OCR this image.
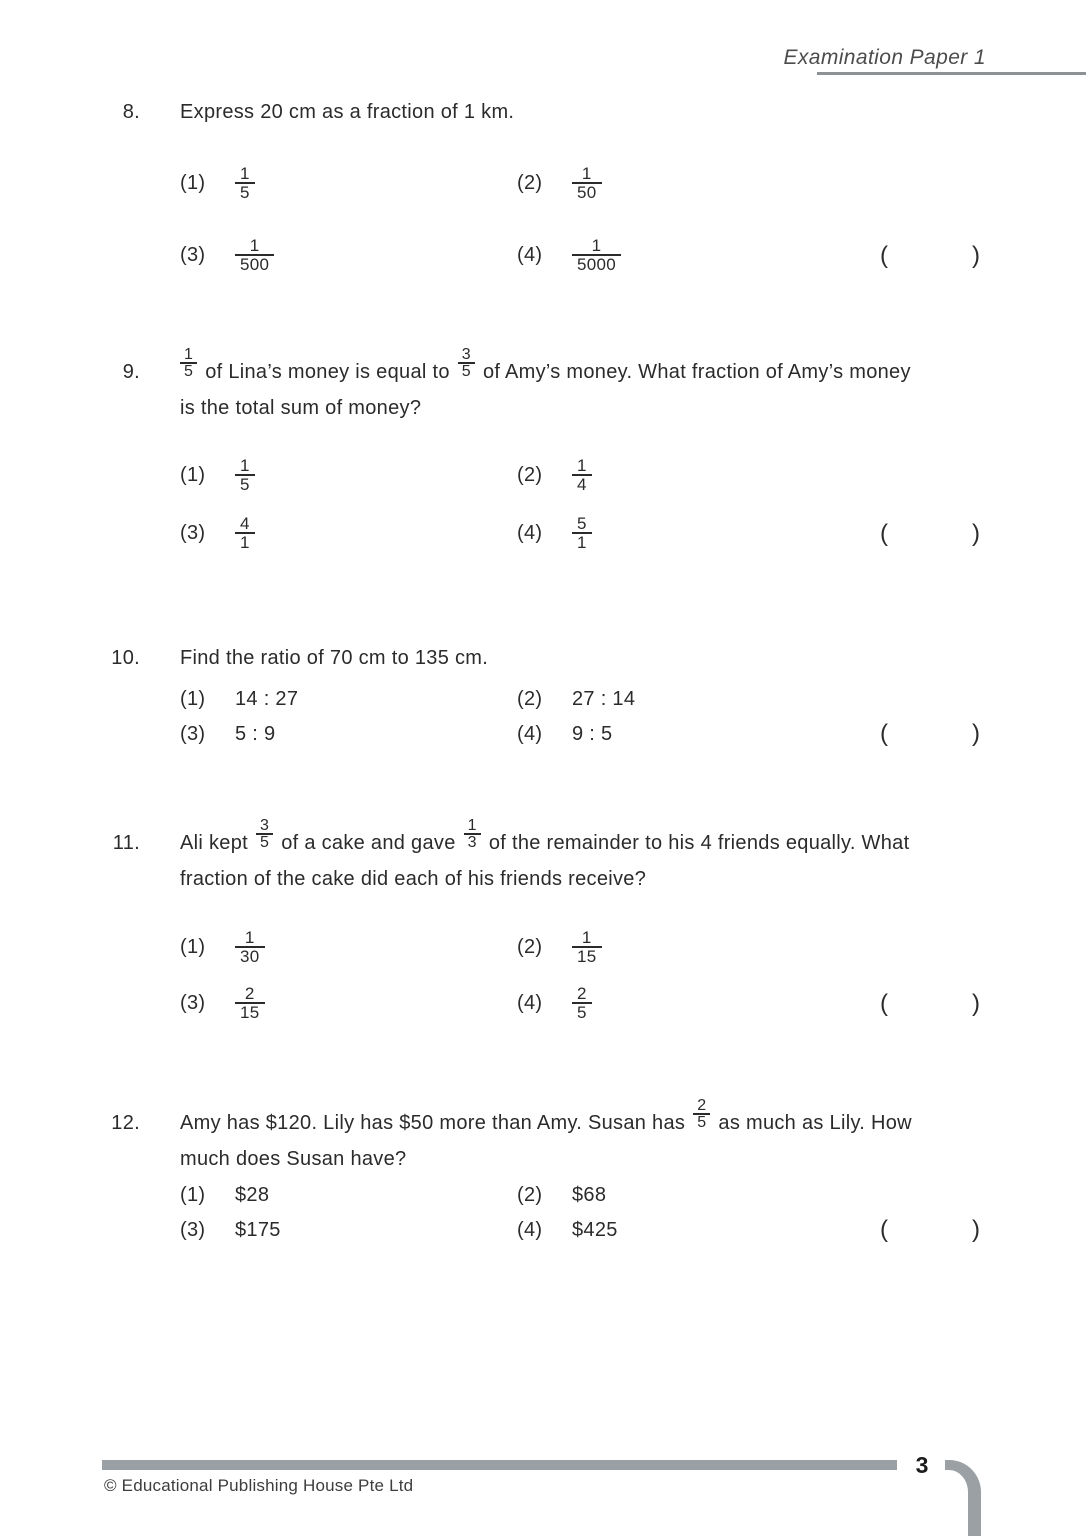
Examination Paper 1
8. Express 20 cm as a fraction of 1 km.
(1)	$\frac{1}{5}$	(2)	$\frac{1}{50}$
(3)	$\frac{1}{500}$	(4)	$\frac{1}{5000}$	(	)
9.	$\frac{1}{5}$ of Lina’s money is equal to $\frac{3}{5}$ of Amy’s money. What fraction of Amy’s money
is the total sum of money?
(1)	$\frac{1}{5}$	(2)	$\frac{1}{4}$
(3)	$\frac{4}{1}$	(4)	$\frac{5}{1}$	(	)
10. Find the ratio of 70 cm to 135 cm.
(1)	14 : 27	(2)	27 : 14
(3)	5 : 9	(4)	9 : 5	(	)
11. Ali kept $\frac{3}{5}$ of a cake and gave $\frac{1}{3}$ of the remainder to his 4 friends equally. What
fraction of the cake did each of his friends receive?
(1)	$\frac{1}{30}$	(2)	$\frac{1}{15}$
(3)	$\frac{2}{15}$	(4)	$\frac{2}{5}$	(	)
12. Amy has $120. Lily has $50 more than Amy. Susan has $\frac{2}{5}$ as much as Lily. How
much does Susan have?
(1)	$28	(2)	$68
(3)	$175	(4)	$425	(	)
3
© Educational Publishing House Pte Ltd
